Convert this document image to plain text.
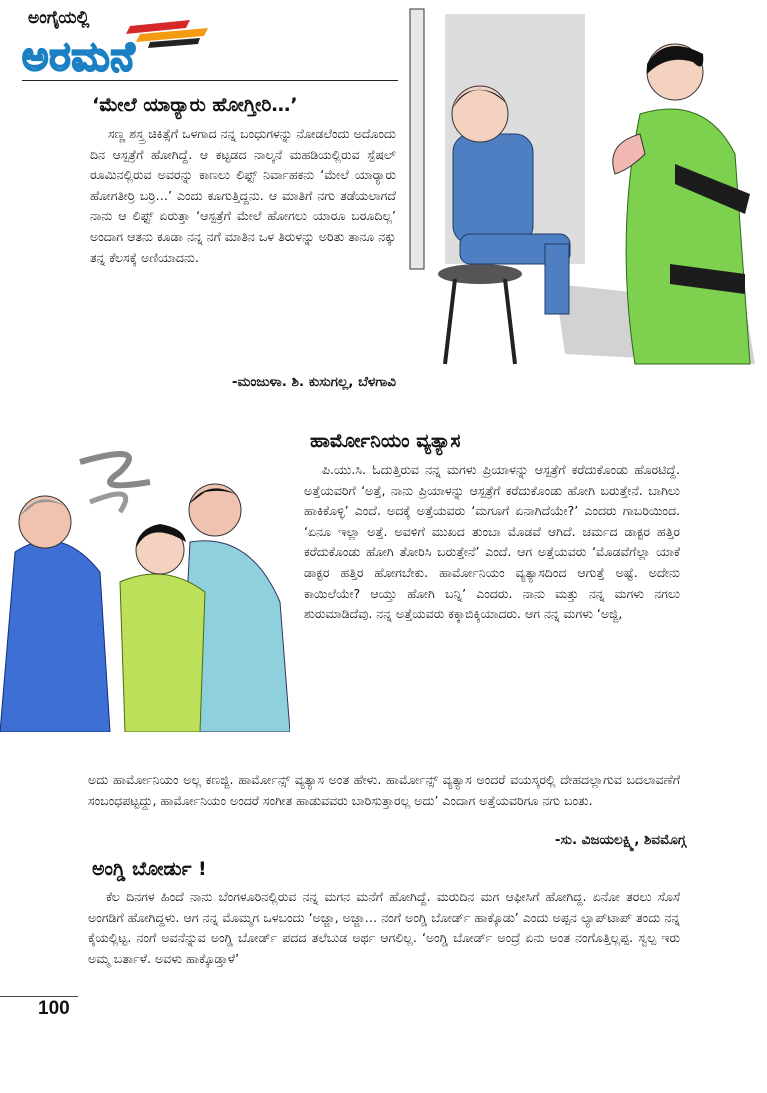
ಅಂಗೈಯಲ್ಲಿ
ಅರಮನೆ
‘ಮೇಲೆ ಯಾರ‍್ಯಾರು ಹೋಗ್ತೀರಿ…’

ಸಣ್ಣ ಶಸ್ತ್ರ ಚಿಕಿತ್ಸೆಗೆ ಒಳಗಾದ ನನ್ನ ಬಂಧುಗಳನ್ನು ನೋಡಲೆಂದು ಅದೊಂದು ದಿನ ಆಸ್ಪತ್ರೆಗೆ ಹೋಗಿದ್ದೆ. ಆ ಕಟ್ಟಡದ ನಾಲ್ಕನೆ ಮಹಡಿಯಲ್ಲಿರುವ ಸ್ಪೆಷಲ್ ರೂಮಿನಲ್ಲಿರುವ ಅವರನ್ನು ಕಾಣಲು ಲಿಫ್ಟ್ ನಿರ್ವಾಹಕನು ‘ಮೇಲೆ ಯಾರ‍್ಯಾರು ಹೋಗತೀರ‍್ರಿ ಬರ‍್ರಿ…’ ಎಂದು ಕೂಗುತ್ತಿದ್ದನು. ಆ ಮಾತಿಗೆ ನಗು ತಡೆಯಲಾಗದೆ ನಾನು ಆ ಲಿಫ್ಟ್ ಏರುತ್ತಾ ‘ಆಸ್ಪತ್ರೆಗೆ ಮೇಲೆ ಹೋಗಲು ಯಾರೂ ಬರೂದಿಲ್ಲ’ ಅಂದಾಗ ಆತನು ಕೂಡಾ ನನ್ನ ನಗೆ ಮಾತಿನ ಒಳ ತಿರುಳನ್ನು ಅರಿತು ತಾನೂ ನಕ್ಕು ತನ್ನ ಕೆಲಸಕ್ಕೆ ಅಣಿಯಾದನು.

-ಮಂಜುಳಾ. ಶಿ. ಕುಸುಗಲ್ಲ, ಬೆಳಗಾವಿ
ಹಾರ್ಮೋನಿಯಂ ವ್ಯತ್ಯಾಸ

ಪಿ.ಯು.ಸಿ. ಓದುತ್ತಿರುವ ನನ್ನ ಮಗಳು ಪ್ರಿಯಾಳನ್ನು ಆಸ್ಪತ್ರೆಗೆ ಕರೆದುಕೊಂಡು ಹೊರಟಿದ್ದೆ. ಅತ್ತೆಯವರಿಗೆ ‘ಅತ್ತೆ, ನಾನು ಪ್ರಿಯಾಳನ್ನು ಆಸ್ಪತ್ರೆಗೆ ಕರೆದುಕೊಂಡು ಹೋಗಿ ಬರುತ್ತೇನೆ. ಬಾಗಿಲು ಹಾಕಿಕೊಳ್ಳಿ’ ಎಂದೆ. ಅದಕ್ಕೆ ಅತ್ತೆಯವರು ‘ಮಗೂಗೆ ಏನಾಗಿದೆಯೇ?’ ಎಂದರು ಗಾಬರಿಯಿಂದ. ‘ಏನೂ ಇಲ್ಲಾ ಅತ್ತೆ. ಅವಳಿಗೆ ಮುಖದ ತುಂಬಾ ಮೊಡವೆ ಆಗಿದೆ. ಚರ್ಮದ ಡಾಕ್ಟರ ಹತ್ತಿರ ಕರೆದುಕೊಂಡು ಹೋಗಿ ತೋರಿಸಿ ಬರುತ್ತೇನೆ’ ಎಂದೆ. ಆಗ ಅತ್ತೆಯವರು ‘ಮೊಡವೆಗೆಲ್ಲಾ ಯಾಕೆ ಡಾಕ್ಟರ ಹತ್ತಿರ ಹೋಗಬೇಕು. ಹಾರ್ಮೋನಿಯಂ ವ್ಯತ್ಯಾಸದಿಂದ ಆಗುತ್ತೆ ಅಷ್ಟೆ. ಅದೇನು ಕಾಯಿಲೆಯೇ? ಆಯ್ತು ಹೋಗಿ ಬನ್ನಿ’ ಎಂದರು. ನಾನು ಮತ್ತು ನನ್ನ ಮಗಳು ನಗಲು ಶುರುಮಾಡಿದೆವು. ನನ್ನ ಅತ್ತೆಯವರು ಕಕ್ಕಾಬಿಕ್ಕಿಯಾದರು. ಆಗ ನನ್ನ ಮಗಳು ‘ಅಜ್ಜಿ,

ಅದು ಹಾರ್ಮೋನಿಯಂ ಅಲ್ಲ ಕಣಜ್ಜಿ. ಹಾರ್ಮೋನ್ಸ್ ವ್ಯತ್ಯಾಸ ಅಂತ ಹೇಳು. ಹಾರ್ಮೋನ್ಸ್ ವ್ಯತ್ಯಾಸ ಅಂದರೆ ವಯಸ್ಕರಲ್ಲಿ ದೇಹದಲ್ಲಾಗುವ ಬದಲಾವಣೆಗೆ ಸಂಬಂಧಪಟ್ಟದ್ದು, ಹಾರ್ಮೋನಿಯಂ ಅಂದರೆ ಸಂಗೀತ ಹಾಡುವವರು ಬಾರಿಸುತ್ತಾರಲ್ಲ ಅದು’ ಎಂದಾಗ ಅತ್ತೆಯವರಿಗೂ ನಗು ಬಂತು.

-ಸು. ವಿಜಯಲಕ್ಷ್ಮಿ, ಶಿವಮೊಗ್ಗ
ಅಂಗ್ಡಿ ಬೋರ್ಡು !

ಕೆಲ ದಿನಗಳ ಹಿಂದೆ ನಾನು ಬೆಂಗಳೂರಿನಲ್ಲಿರುವ ನನ್ನ ಮಗನ ಮನೆಗೆ ಹೋಗಿದ್ದೆ. ಮರುದಿನ ಮಗ ಆಫೀಸಿಗೆ ಹೋಗಿದ್ದ. ಏನೋ ತರಲು ಸೊಸೆ ಅಂಗಡಿಗೆ ಹೋಗಿದ್ದಳು. ಆಗ ನನ್ನ ಮೊಮ್ಮಗ ಒಳಬಂದು ‘ಅಜ್ಜಾ, ಅಜ್ಜಾ… ನಂಗೆ ಅಂಗ್ಡಿ ಬೋರ್ಡ್ ಹಾಕ್ಕೊಡು’ ಎಂದು ಅಪ್ಪನ ಲ್ಯಾಪ್‌ಟಾಪ್ ತಂದು ನನ್ನ ಕೈಯಲ್ಲಿಟ್ಟ. ನಂಗೆ ಅವನೆನ್ನುವ ಅಂಗ್ಡಿ ಬೋರ್ಡ್ ಪದದ ತಲೆಬುಡ ಅರ್ಥ ಆಗಲಿಲ್ಲ. ‘ಅಂಗ್ಡಿ ಬೋರ್ಡ್ ಅಂದ್ರೆ ಏನು ಅಂತ ನಂಗೊತ್ತಿಲ್ಲಪ್ಪ. ಸ್ವಲ್ಪ ಇರು ಅಮ್ಮ ಬರ್ತಾಳೆ. ಅವಳು ಹಾಕ್ಕೊಡ್ತಾಳೆ’

100
